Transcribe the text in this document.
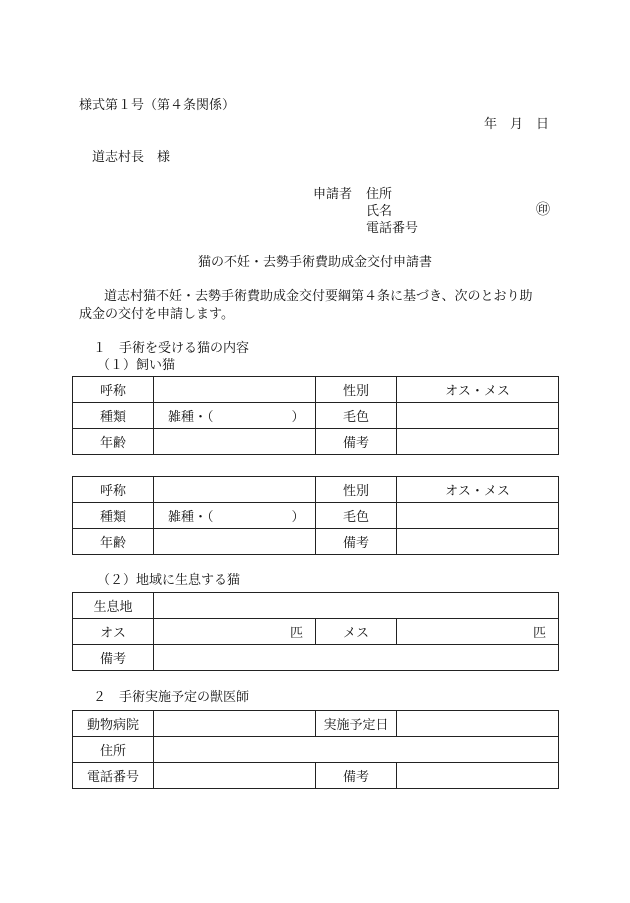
様式第１号（第４条関係）
年　月　日
道志村長　様
申請者 住所
氏名	㊞
電話番号
猫の不妊・去勢手術費助成金交付申請書
道志村猫不妊・去勢手術費助成金交付要綱第４条に基づき、次のとおり助
成金の交付を申請します。
１　手術を受ける猫の内容
（１）飼い猫
呼称		性別	オス・メス
種類	雑種・（　　　　　　）	毛色	
年齢		備考	
呼称		性別	オス・メス
種類	雑種・（　　　　　　）	毛色	
年齢		備考	
（２）地域に生息する猫
生息地			
オス	匹	メス	匹
備考			
２　手術実施予定の獣医師
動物病院		実施予定日	
住所			
電話番号		備考	
